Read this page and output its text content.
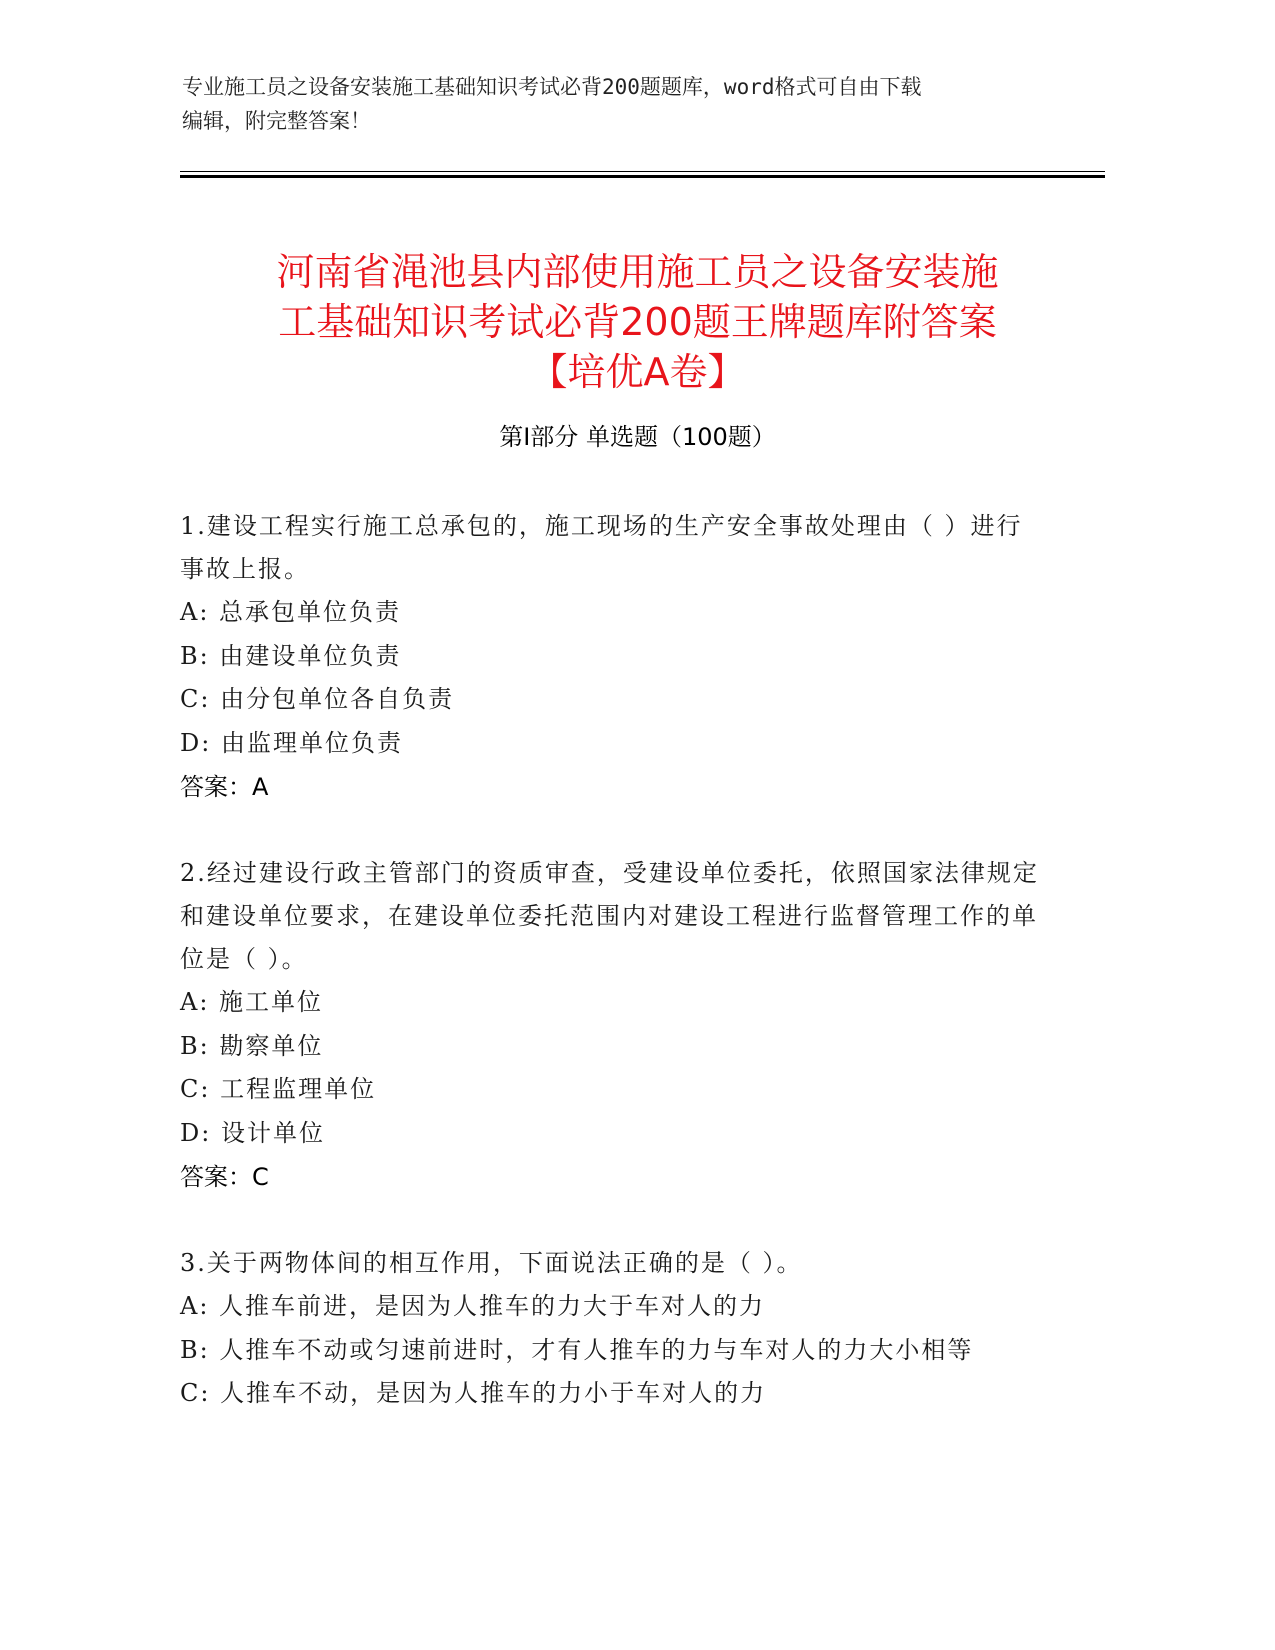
专业施工员之设备安装施工基础知识考试必背200题题库，word格式可自由下载
编辑，附完整答案！
河南省渑池县内部使用施工员之设备安装施
工基础知识考试必背200题王牌题库附答案
【培优A卷】
第Ⅰ部分 单选题（100题）
1.建设工程实行施工总承包的，施工现场的生产安全事故处理由（ ）进行事故上报。
A: 总承包单位负责
B: 由建设单位负责
C: 由分包单位各自负责
D: 由监理单位负责
答案：A
2.经过建设行政主管部门的资质审查，受建设单位委托，依照国家法律规定和建设单位要求，在建设单位委托范围内对建设工程进行监督管理工作的单位是（ ）。
A: 施工单位
B: 勘察单位
C: 工程监理单位
D: 设计单位
答案：C
3.关于两物体间的相互作用，下面说法正确的是（ ）。
A: 人推车前进，是因为人推车的力大于车对人的力
B: 人推车不动或匀速前进时，才有人推车的力与车对人的力大小相等
C: 人推车不动，是因为人推车的力小于车对人的力
